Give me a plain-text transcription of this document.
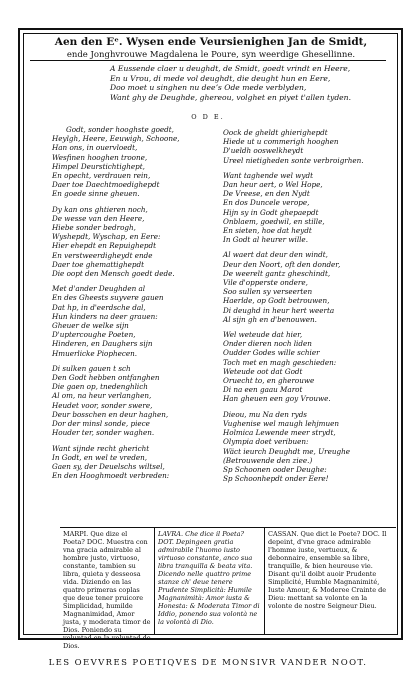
Aen den Eᵉ. Wysen ende Veursienighen Jan de Smidt,
ende Jonghvrouwe Magdalena le Poure, syn weerdige Ghesellinne.
A Eussende claer u deughdt, de Smidt, goedt vrindt en Heere,
En u Vrou, di mede vol deughdt, die deught hun en Eere,
Doo moet u singhen nu deeʼs Ode mede verblyden,
Want ghy de Deughde, ghereou, volghet en piyet t'allen tyden.
O D E.
Godt, sonder hooghste goedt,
Heylgh, Heere, Eeuwigh, Schoone,
Han ons, in ouervloedt,
Wesfinen hooghen troone,
Himpel Deurstichtighept,
En opecht, verdrauen rein,
Daer toe Daechtmoedighepdt
En goede sinne gheuen.
Dy kan ons ghtieren noch,
De wesse van den Heere,
Hiebe sonder bedrogh,
Wyshepdt, Wyschap, en Eere:
Hier ehepdt en Repuighepdt
En verstweerdigheydt ende
Daer toe ghemattighepdt
Die oopt den Mensch goedt dede.
Met d'ander Deughden al
En des Gheests suyvere gauen
Dat hp, in d'eerdsche dal,
Hun kinders na deer grauen:
Gheuer de welke sijn
D'uptercoughe Poeten,
Hinderen, en Daughers sijn
Hmuerlicke Piophecen.
Di sulken gauen t sch
Den Godt hebben ontfanghen
Die gaen op, tnedenghlich
Al om, na heur verlanghen,
Heudet voor, sonder swere,
Deur bosschen en deur haghen,
Dor der minsl sonde, piece
Houder ter, sonder waghen.
Want sijnde recht ghericht
In Godt, en wel te vreden,
Gaen sy, der Deuelschs wiltsel,
En den Hooghmoedt verbreden:
Oock de gheldt ghierighepdt
Hiede ut u commerigh hooghen
D'ueldh ooswelkheydt
Ureel nietigheden sonte verbroigrhen.
Want taghende wel wydt
Dan heur aert, o Wel Hope,
De Vreese, en den Nydt
En dos Duncele verope,
Hijn sy in Godt ghepaepdt
Onblaem, goedwil, en stille,
En sieten, hoe dat heydt
In Godt al heurer wille.
Al waert dat deur den windt,
Deur den Noort, oft den donder,
De weerelt gantz gheschindt,
Vile d'opperste ondere,
Soo sullen sy verseerten
Haerlde, op Godt betrouwen,
Di deughd in heur hert weerta
Al sijn gh en d'benouwen.
Wel weteude dat hier,
Onder dieren noch liden
Oudder Godes wille schier
Toch met en magh geschieden:
Weteude oot dat Godt
Oruecht to, en gherouwe
Di na een gaau Marot
Han gheuen een goy Vrouwe.
Dieou, mu Na den ryds
Vughenise wel maugh lehjmuen
Holmica Lewende meer strydt,
Olympia doet veribuen:
Wäct ieurch Deughdt me, Ureughe
(Betrouwende den ziee.)
Sp Schoonen ooder Deughe:
Sp Schoonhepdt onder Eere!
MARPI. Que dize el Poeta? DOC. Muestra con vna gracia admirable al hombre justo, virtuoso, constante, tambien su libra, quieta y desseosa vida. Diziendo en las quatro primeras coplas que deue tener pruicore Simplicidad, humilde Magnanimidad, Amor justa, y moderata timor de Dios. Poniendo su voluntad en la voluntad de Dios.
LAVRA. Che dice il Poeta? DOT. Depingeen gratia admirabile l'huomo iusto virtuoso constante, anco sua libra tranquilla & beata vita. Dicendo nelle quattro prime stanze ch' deue tenere Prudente Simplicità: Humile Magnanimità: Amor iusta & Honesta: & Moderata Timor di Iddio, ponendo sua volontà ne la volontà di Dio.
CASSAN. Que dict le Poete? DOC. Il depeint, d'vne grace admirable l'homme iuste, vertueux, & debonnaire, ensemble sa libre, tranquille, & bien heureuse vie. Disant qu'il doibt auoir Prudente Simplicité, Humble Magnanimité, Iuste Amour, & Moderee Crainte de Dieu: mettant sa volonte en la volonte de nostre Seigneur Dieu.
LES OEVVRES POETIQVES DE MONSIVR VANDER NOOT.
